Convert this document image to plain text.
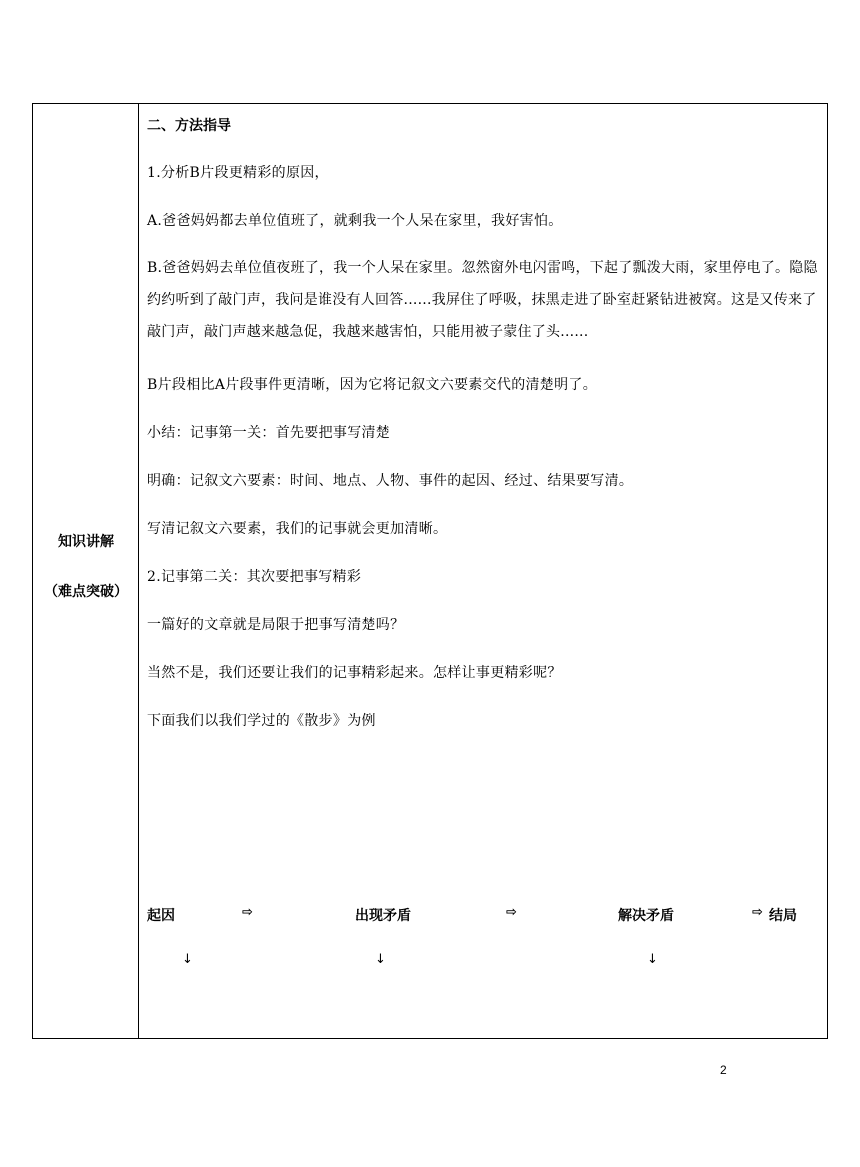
知识讲解
（难点突破）
二、方法指导
1.分析B片段更精彩的原因，
A.爸爸妈妈都去单位值班了，就剩我一个人呆在家里，我好害怕。
B.爸爸妈妈去单位值夜班了，我一个人呆在家里。忽然窗外电闪雷鸣，下起了瓢泼大雨，家里停电了。隐隐约约听到了敲门声，我问是谁没有人回答......我屏住了呼吸，抹黑走进了卧室赶紧钻进被窝。这是又传来了敲门声，敲门声越来越急促，我越来越害怕，只能用被子蒙住了头......
B片段相比A片段事件更清晰，因为它将记叙文六要素交代的清楚明了。
小结：记事第一关：首先要把事写清楚
明确：记叙文六要素：时间、地点、人物、事件的起因、经过、结果要写清。
写清记叙文六要素，我们的记事就会更加清晰。
2.记事第二关：其次要把事写精彩
一篇好的文章就是局限于把事写清楚吗？
当然不是，我们还要让我们的记事精彩起来。怎样让事更精彩呢？
下面我们以我们学过的《散步》为例
起因	⇨	出现矛盾	⇨	解决矛盾	⇨ 结局
↓	↓	↓
2
